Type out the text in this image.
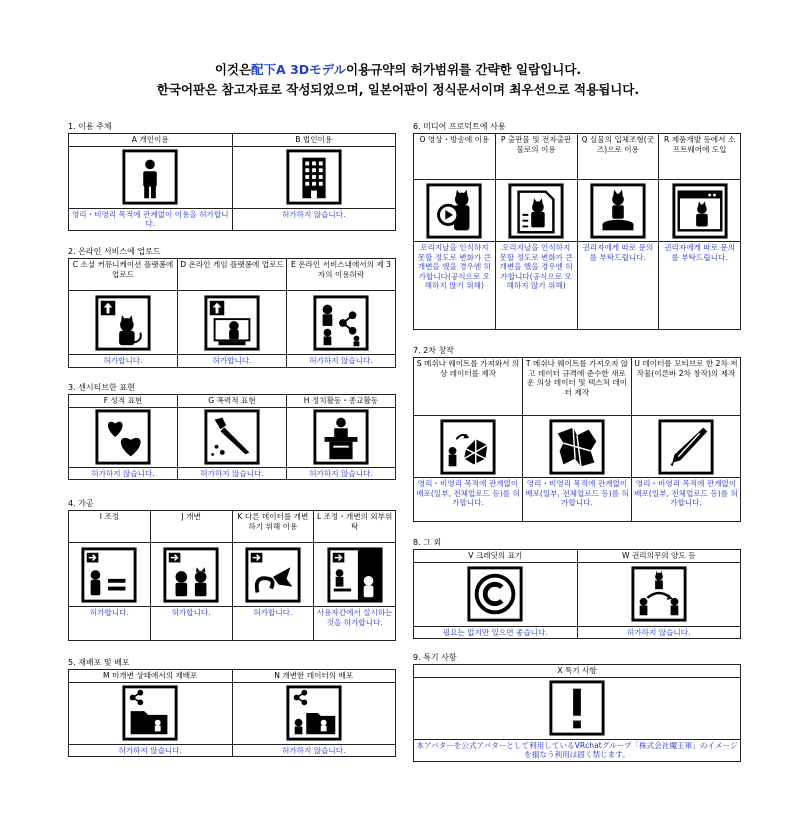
이것은配下A 3Dモデル이용규약의 허가범위를 간략한 일람입니다.
한국어판은 참고자료로 작성되었으며, 일본어판이 정식문서이며 최우선으로 적용됩니다.
1. 이용 주체
A 개인이용	B 법인이용

영리・비영리 목적에 관계없이 이용을 허가합니다.	허가하지 않습니다.
2. 온라인 서비스에 업로드
C 소셜 커뮤니케이션 플랫폼에 업로드	D 온라인 게임 플랫폼에 업로드	E 온라인 서비스내에서의 제 3자의 이용허락

허가합니다.	허가합니다.	허가하지 않습니다.
3. 센시티브한 표현
F 성적 표현	G 폭력적 표현	H 정치활동・종교활동

허가하지 않습니다.	허가하지 않습니다.	허가하지 않습니다.
4. 가공
I 조정	J 개변	K 다른 데이터를 개변하기 위해 이용	L 조정・개변의 외부위탁

허가합니다.	허가합니다.	허가합니다.	사용자간에서 실시하는 것을 허가합니다.
5. 재배포 및 배포
M 미개변 상태에서의 재배포	N 개변한 데이터의 배포

허가하지 않습니다.	허가하지 않습니다.
6. 미디어 프로덕트에 사용
O 영상・방송에 이용	P 출판물 및 전자출판물로의 이용	Q 실물의 입체조형(굿즈)으로 이용	R 제품개발 등에서 소프트웨어에 도입

오리지날을 인식하지 못할 정도로 변화가 큰 개변을 했을 경우엔 허가합니다(공식으로 오해하지 않기 위해)	오리지날을 인식하지 못할 정도로 변화가 큰 개변을 했을 경우엔 허가합니다(공식으로 오해하지 않기 위해)	권리자에게 따로 문의를 부탁드립니다.	권리자에게 따로 문의를 부탁드립니다.
7. 2차 창작
S 메쉬나 웨이트를 가져와서 의상 데이터를 제작	T 메쉬나 웨이트를 가져오지 않고 데이터 규격에 준수한 새로운 의상 데이터 및 텍스처 데이터 제작	U 데이터를 모티브로 한 2차 저작물(이른바 2차 창작)의 제작

영리・비영리 목적에 관계없이 배포(일부, 전체업로드 등)를 허가합니다.	영리・비영리 목적에 관계없이 배포(일부, 전체업로드 등)를 허가합니다.	영리・비영리 목적에 관계없이 배포(일부, 전체업로드 등)를 허가합니다.
8. 그 외
V 크레딧의 표기	W 권리의무의 양도 등

필요는 없지만 있으면 좋습니다.	허가하지 않습니다.
9. 특기 사항
X 특기 사항

本アバターを公式アバターとして利用しているVRchatグループ「株式会社魔王軍」のイメージを損なう利用は固く禁じます。
